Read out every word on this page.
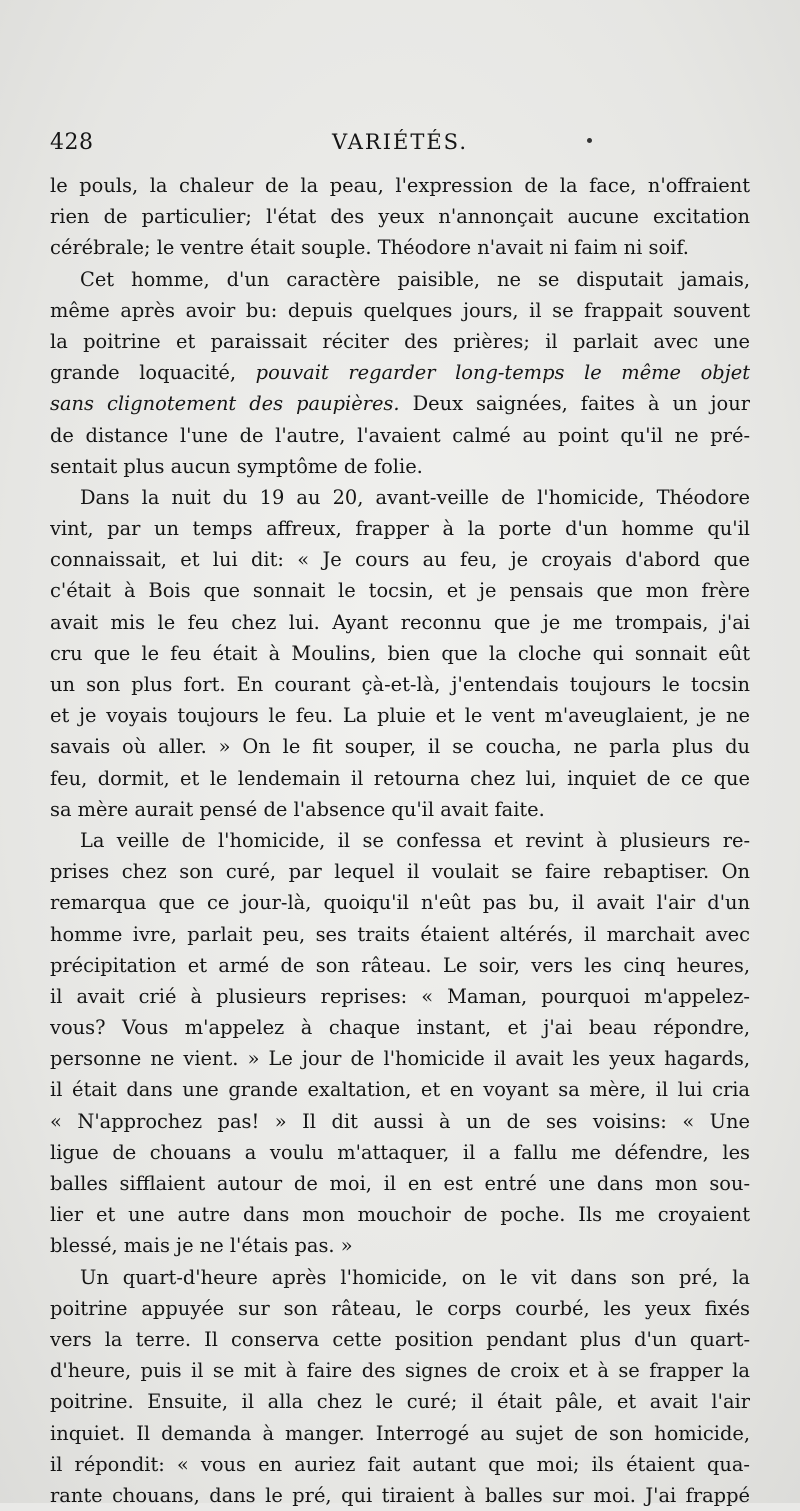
428	VARIÉTÉS.
le pouls, la chaleur de la peau, l'expression de la face, n'offraient
rien de particulier; l'état des yeux n'annonçait aucune excitation
cérébrale; le ventre était souple. Théodore n'avait ni faim ni soif.
Cet homme, d'un caractère paisible, ne se disputait jamais,
même après avoir bu: depuis quelques jours, il se frappait souvent
la poitrine et paraissait réciter des prières; il parlait avec une
grande loquacité, pouvait regarder long-temps le même objet
sans clignotement des paupières. Deux saignées, faites à un jour
de distance l'une de l'autre, l'avaient calmé au point qu'il ne pré-
sentait plus aucun symptôme de folie.
Dans la nuit du 19 au 20, avant-veille de l'homicide, Théodore
vint, par un temps affreux, frapper à la porte d'un homme qu'il
connaissait, et lui dit: « Je cours au feu, je croyais d'abord que
c'était à Bois que sonnait le tocsin, et je pensais que mon frère
avait mis le feu chez lui. Ayant reconnu que je me trompais, j'ai
cru que le feu était à Moulins, bien que la cloche qui sonnait eût
un son plus fort. En courant çà-et-là, j'entendais toujours le tocsin
et je voyais toujours le feu. La pluie et le vent m'aveuglaient, je ne
savais où aller. » On le fit souper, il se coucha, ne parla plus du
feu, dormit, et le lendemain il retourna chez lui, inquiet de ce que
sa mère aurait pensé de l'absence qu'il avait faite.
La veille de l'homicide, il se confessa et revint à plusieurs re-
prises chez son curé, par lequel il voulait se faire rebaptiser. On
remarqua que ce jour-là, quoiqu'il n'eût pas bu, il avait l'air d'un
homme ivre, parlait peu, ses traits étaient altérés, il marchait avec
précipitation et armé de son râteau. Le soir, vers les cinq heures,
il avait crié à plusieurs reprises: « Maman, pourquoi m'appelez-
vous? Vous m'appelez à chaque instant, et j'ai beau répondre,
personne ne vient. » Le jour de l'homicide il avait les yeux hagards,
il était dans une grande exaltation, et en voyant sa mère, il lui cria
« N'approchez pas! » Il dit aussi à un de ses voisins: « Une
ligue de chouans a voulu m'attaquer, il a fallu me défendre, les
balles sifflaient autour de moi, il en est entré une dans mon sou-
lier et une autre dans mon mouchoir de poche. Ils me croyaient
blessé, mais je ne l'étais pas. »
Un quart-d'heure après l'homicide, on le vit dans son pré, la
poitrine appuyée sur son râteau, le corps courbé, les yeux fixés
vers la terre. Il conserva cette position pendant plus d'un quart-
d'heure, puis il se mit à faire des signes de croix et à se frapper la
poitrine. Ensuite, il alla chez le curé; il était pâle, et avait l'air
inquiet. Il demanda à manger. Interrogé au sujet de son homicide,
il répondit: « vous en auriez fait autant que moi; ils étaient qua-
rante chouans, dans le pré, qui tiraient à balles sur moi. J'ai frappé
